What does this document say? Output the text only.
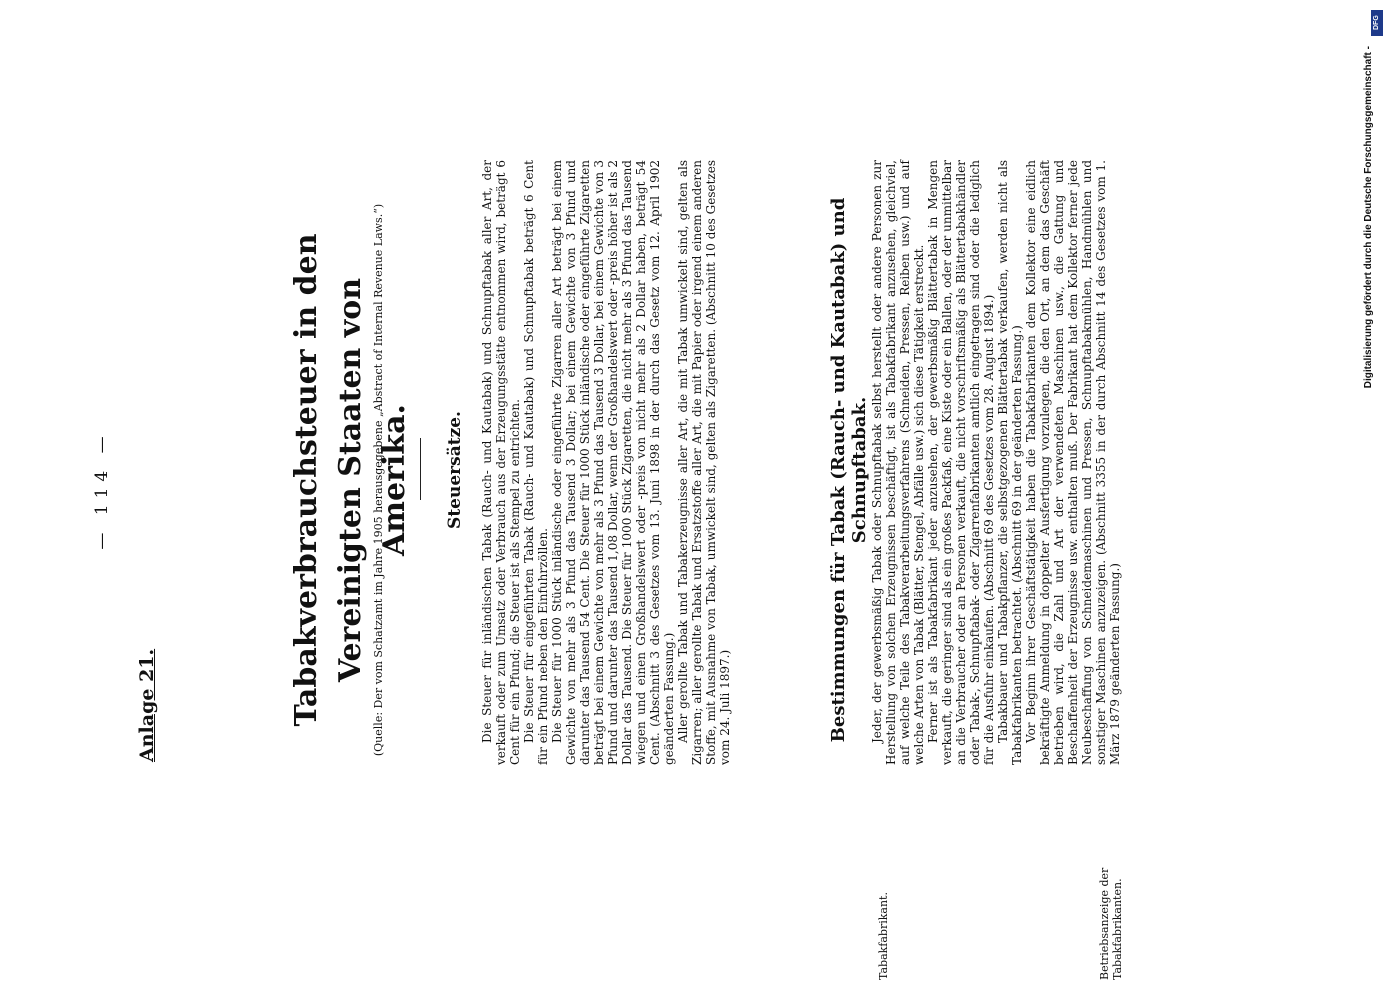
— 114 —
Anlage 21.	Tabakverbrauchsteuer in den Vereinigten Staaten von Amerika.
(Quelle: Der vom Schatzamt im Jahre 1905 herausgegebene „Abstract of Internal Revenue Laws.“)	Steuersätze. Die Steuer für inländischen Tabak (Rauch- und Kautabak) und Schnupftabak aller Art, der verkauft oder zum Umsatz oder Verbrauch aus der Erzeugungsstätte entnommen wird, beträgt 6 Cent für ein Pfund; die Steuer ist als Stempel zu entrichten. Die Steuer für eingeführten Tabak (Rauch- und Kautabak) und Schnupftabak beträgt 6 Cent für ein Pfund neben den Einfuhrzöllen. Die Steuer für 1000 Stück inländische oder eingeführte Zigarren aller Art beträgt bei einem Gewichte von mehr als 3 Pfund das Tausend 3 Dollar; bei einem Gewichte von 3 Pfund und darunter das Tausend 54 Cent. Die Steuer für 1000 Stück inländische oder eingeführte Zigaretten beträgt bei einem Gewichte von mehr als 3 Pfund das Tausend 3 Dollar, bei einem Gewichte von 3 Pfund und darunter das Tausend 1,08 Dollar, wenn der Großhandelswert oder -preis höher ist als 2 Dollar das Tausend. Die Steuer für 1000 Stück Zigaretten, die nicht mehr als 3 Pfund das Tausend wiegen und einen Großhandelswert oder -preis von nicht mehr als 2 Dollar haben, beträgt 54 Cent. (Abschnitt 3 des Gesetzes vom 13. Juni 1898 in der durch das Gesetz vom 12. April 1902 geänderten Fassung.) Aller gerollte Tabak und Tabakerzeugnisse aller Art, die mit Tabak umwickelt sind, gelten als Zigarren; aller gerollte Tabak und Ersatzstoffe aller Art, die mit Papier oder irgend einem anderen Stoffe, mit Ausnahme von Tabak, umwickelt sind, gelten als Zigaretten. (Abschnitt 10 des Gesetzes vom 24. Juli 1897.)	Bestimmungen für Tabak (Rauch- und Kautabak) und Schnupftabak. Jeder, der gewerbsmäßig Tabak oder Schnupftabak selbst herstellt oder andere Personen zur Herstellung von solchen Erzeugnissen beschäftigt, ist als Tabakfabrikant anzusehen, gleichviel, auf welche Teile des Tabakverarbeitungsverfahrens (Schneiden, Pressen, Reiben usw.) und auf welche Arten von Tabak (Blätter, Stengel, Abfälle usw.) sich diese Tätigkeit erstreckt. Ferner ist als Tabakfabrikant jeder anzusehen, der gewerbsmäßig Blättertabak in Mengen verkauft, die geringer sind als ein großes Packfaß, eine Kiste oder ein Ballen, oder der unmittelbar an die Verbraucher oder an Personen verkauft, die nicht vorschriftsmäßig als Blättertabakhändler oder Tabak-, Schnupftabak- oder Zigarrenfabrikanten amtlich eingetragen sind oder die lediglich für die Ausfuhr einkaufen. (Abschnitt 69 des Gesetzes vom 28. August 1894.) Tabakbauer und Tabakpflanzer, die selbstgezogenen Blättertabak verkaufen, werden nicht als Tabakfabrikanten betrachtet. (Abschnitt 69 in der geänderten Fassung.) Vor Beginn ihrer Geschäftstätigkeit haben die Tabakfabrikanten dem Kollektor eine eidlich bekräftigte Anmeldung in doppelter Ausfertigung vorzulegen, die den Ort, an dem das Geschäft betrieben wird, die Zahl und Art der verwendeten Maschinen usw., die Gattung und Beschaffenheit der Erzeugnisse usw. enthalten muß. Der Fabrikant hat dem Kollektor ferner jede Neubeschaffung von Schneidemaschinen und Pressen, Schnupftabakmühlen, Handmühlen und sonstiger Maschinen anzuzeigen. (Abschnitt 3355 in der durch Abschnitt 14 des Gesetzes vom 1. März 1879 geänderten Fassung.)

Tabakfabrikant.	Betriebsanzeige der Tabakfabrikanten.
Digitalisierung gefördert durch die Deutsche Forschungsgemeinschaft -
DFG
